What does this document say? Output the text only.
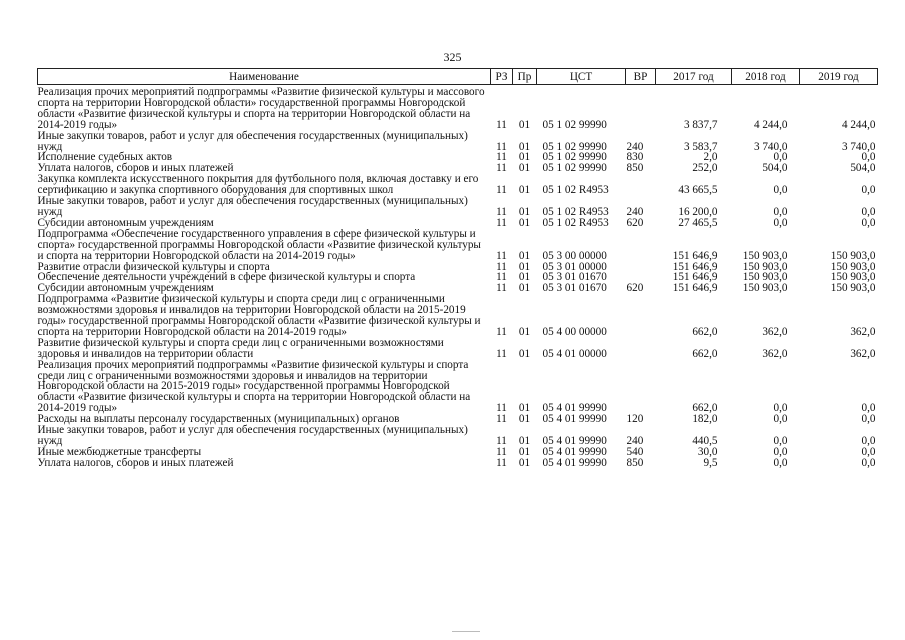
325
Наименование	РЗ	Пр	ЦСТ	ВР	2017 год	2018 год	2019 год
Реализация прочих мероприятий подпрограммы «Развитие физической культуры и массового спорта на территории Новгородской области» государственной программы Новгородской области «Развитие физической культуры и спорта на территории Новгородской области на 2014-2019 годы»	11	01	05 1 02 99990		3 837,7	4 244,0	4 244,0
Иные закупки товаров, работ и услуг для обеспечения государственных (муниципальных) нужд	11	01	05 1 02 99990	240	3 583,7	3 740,0	3 740,0
Исполнение судебных актов	11	01	05 1 02 99990	830	2,0	0,0	0,0
Уплата налогов, сборов и иных платежей	11	01	05 1 02 99990	850	252,0	504,0	504,0
Закупка комплекта искусственного покрытия для футбольного поля, включая доставку и его сертификацию и закупка спортивного оборудования для спортивных школ	11	01	05 1 02 R4953		43 665,5	0,0	0,0
Иные закупки товаров, работ и услуг для обеспечения государственных (муниципальных) нужд	11	01	05 1 02 R4953	240	16 200,0	0,0	0,0
Субсидии автономным учреждениям	11	01	05 1 02 R4953	620	27 465,5	0,0	0,0
Подпрограмма «Обеспечение государственного управления в сфере физической культуры и спорта» государственной программы Новгородской области «Развитие физической культуры и спорта на территории Новгородской области на 2014-2019 годы»	11	01	05 3 00 00000		151 646,9	150 903,0	150 903,0
Развитие отрасли физической культуры и спорта	11	01	05 3 01 00000		151 646,9	150 903,0	150 903,0
Обеспечение деятельности учреждений в сфере физической культуры и спорта	11	01	05 3 01 01670		151 646,9	150 903,0	150 903,0
Субсидии автономным учреждениям	11	01	05 3 01 01670	620	151 646,9	150 903,0	150 903,0
Подпрограмма «Развитие физической культуры и спорта среди лиц с ограниченными возможностями здоровья и инвалидов на территории Новгородской области на 2015-2019 годы» государственной программы Новгородской области «Развитие физической культуры и спорта на территории Новгородской области на 2014-2019 годы»	11	01	05 4 00 00000		662,0	362,0	362,0
Развитие физической культуры и спорта среди лиц с ограниченными возможностями здоровья и инвалидов на территории области	11	01	05 4 01 00000		662,0	362,0	362,0
Реализация прочих мероприятий подпрограммы «Развитие физической культуры и спорта среди лиц с ограниченными возможностями здоровья и инвалидов на территории Новгородской области на 2015-2019 годы» государственной программы Новгородской области «Развитие физической культуры и спорта на территории Новгородской области на 2014-2019 годы»	11	01	05 4 01 99990		662,0	0,0	0,0
Расходы на выплаты персоналу государственных (муниципальных) органов	11	01	05 4 01 99990	120	182,0	0,0	0,0
Иные закупки товаров, работ и услуг для обеспечения государственных (муниципальных) нужд	11	01	05 4 01 99990	240	440,5	0,0	0,0
Иные межбюджетные трансферты	11	01	05 4 01 99990	540	30,0	0,0	0,0
Уплата налогов, сборов и иных платежей	11	01	05 4 01 99990	850	9,5	0,0	0,0
